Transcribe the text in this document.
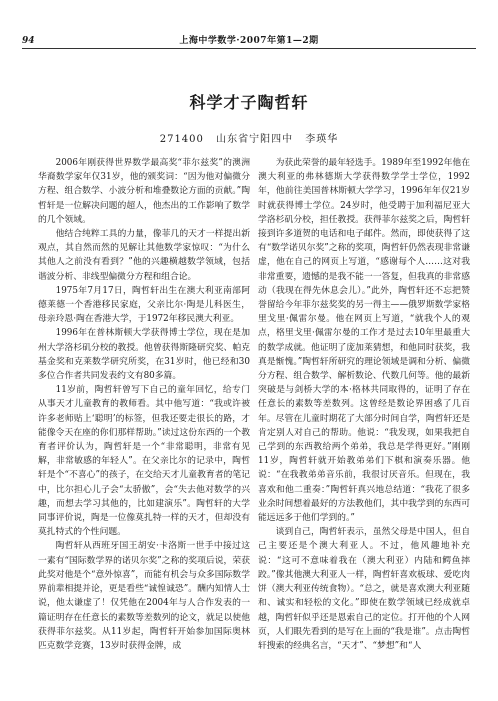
94	上海中学数学·2007年第1—2期
科学才子陶哲轩
271400 山东省宁阳四中 李瑛华

2006年刚获得世界数学最高奖“菲尔兹奖”的澳洲华裔数学家年仅31岁，他的颁奖词：“因为他对偏微分方程、组合数学、小波分析和堆叠数论方面的贡献。”陶哲轩是一位解决问题的超人，他杰出的工作影响了数学的几个领域。

他结合纯粹工具的力量，像菲几的天才一样提出新观点，其自然而然的见解让其他数学家惊叹：“为什么其他人之前没有看到？”他的兴趣横越数学领域，包括谐波分析、非线型偏微分方程和组合论。

1975年7月17日，陶哲轩出生在澳大利亚南部阿德莱德一个香港移民家庭，父亲比尔·陶是儿科医生，母亲玲恩·陶在香港大学，于1972年移民澳大利亚。

1996年在普林斯顿大学获得博士学位，现在是加州大学洛杉矶分校的教授。他曾获得斯隆研究奖、帕克基金奖和克莱数学研究所奖，在31岁时，他已经和30多位合作者共同发表约文有80多篇。

11岁前，陶哲轩曾写下自己的童年回忆，给专门从事天才儿童教育的教师看。其中他写道：“我或许被许多老师贴上‘聪明’的标签，但我还要走很长的路，才能像令天在座的你们那样帮助。”读过这份东西的一个教育者评价认为，陶哲轩是一个“非常聪明，非常有见解，非常敏感的年轻人”。在父亲比尔的记录中，陶哲轩是个“不喜心”的孩子，在交给天才儿童教育者的笔记中，比尔担心儿子会“太骄傲”，会“失去他对数学的兴趣，而想去学习其他的，比如建演乐”。陶哲轩的大学同事评价说，陶是一位像莫扎特一样的天才，但却没有莫扎特式的个性问题。

陶哲轩从西班牙国王胡安·卡洛斯一世手中接过这一素有“国际数学界的诺贝尔奖”之称的奖项后说，荣获此奖对他是个“意外惊喜”，而能有机会与众多国际数学界前辈相提并论，更是看些“诚惶诚恐”。酬内知情人士说，他太谦虚了！仅凭他在2004年与人合作发表的一篇证明存在任意长的素数等差数列的论文，就足以使他获得菲尔兹奖。从11岁起，陶哲轩开始参加国际奥林匹克数学竞赛，13岁时获得金牌，成

为获此荣誉的最年轻选手。1989年至1992年他在澳大利亚的弗林德斯大学获得数学学士学位，1992年，他前往美国普林斯顿大学学习，1996年年仅21岁时就获得博士学位。24岁时，他受聘于加利福尼亚大学洛杉矶分校，担任教授。获得菲尔兹奖之后，陶哲轩接到许多道贺的电话和电子邮件。然而，即使获得了这有“数学诺贝尔奖”之称的奖项，陶哲轩仍然表现非常谦虚，他在自己的网页上写道，“感谢每个人……这对我非常重要，遗憾的是我不能一一答复，但我真的非常感动（我现在得先休息会儿）。”此外，陶哲轩还不忘把赞誉留给今年菲尔兹奖奖的另一得主——俄罗斯数学家格里戈里·佩雷尔曼。他在网页上写道，“就我个人的观点，格里戈里·佩雷尔曼的工作才是过去10年里最重大的数学成就。他证明了庞加莱猜想，和他同时获奖，我真是惭愧。”陶哲轩所研究的理论领域是调和分析、偏微分方程、组合数学、解析数论、代数几何等。他的最新突破是与剑桥大学的本·格林共同取得的，证明了存在任意长的素数等差数列。这曾经是数论界困惑了几百年。尽管在儿童时期花了大部分时间自学，陶哲轩还是肯定别人对自己的帮助。他说：“我发现，如果我把自己学到的东西教给两个弟弟，我总是学得更好。”刚刚11岁，陶哲轩就开始教弟弟们下棋和演奏乐器。他说：“在我教弟弟音乐前，我很讨厌音乐。但现在，我喜欢和他二重奏：”陶哲轩真兴地总结道：“我花了很多业余时间想着最好的方法教他们，其中我学到的东西可能远远多于他们学到的。”

谈到自己，陶哲轩表示，虽然父母是中国人，但自己主要还是个澳大利亚人。不过，他风趣地补充说：“这可不意味着我在（澳大利亚）内陆和鳄鱼摔跤。”像其他澳大利亚人一样，陶哲轩喜欢板球、爱吃肉饼（澳大利亚传统食物）。“总之，就是喜欢澳大利亚随和、诚实和轻松的文化。”即使在数学领域已经成就卓越，陶哲轩似乎还是恩索自己的定位。打开他的个人网页，人们眼先看到的是写在上面的“我是谁”。点击陶哲轩搜索的经典名言，“天才”、“梦想”和“人
